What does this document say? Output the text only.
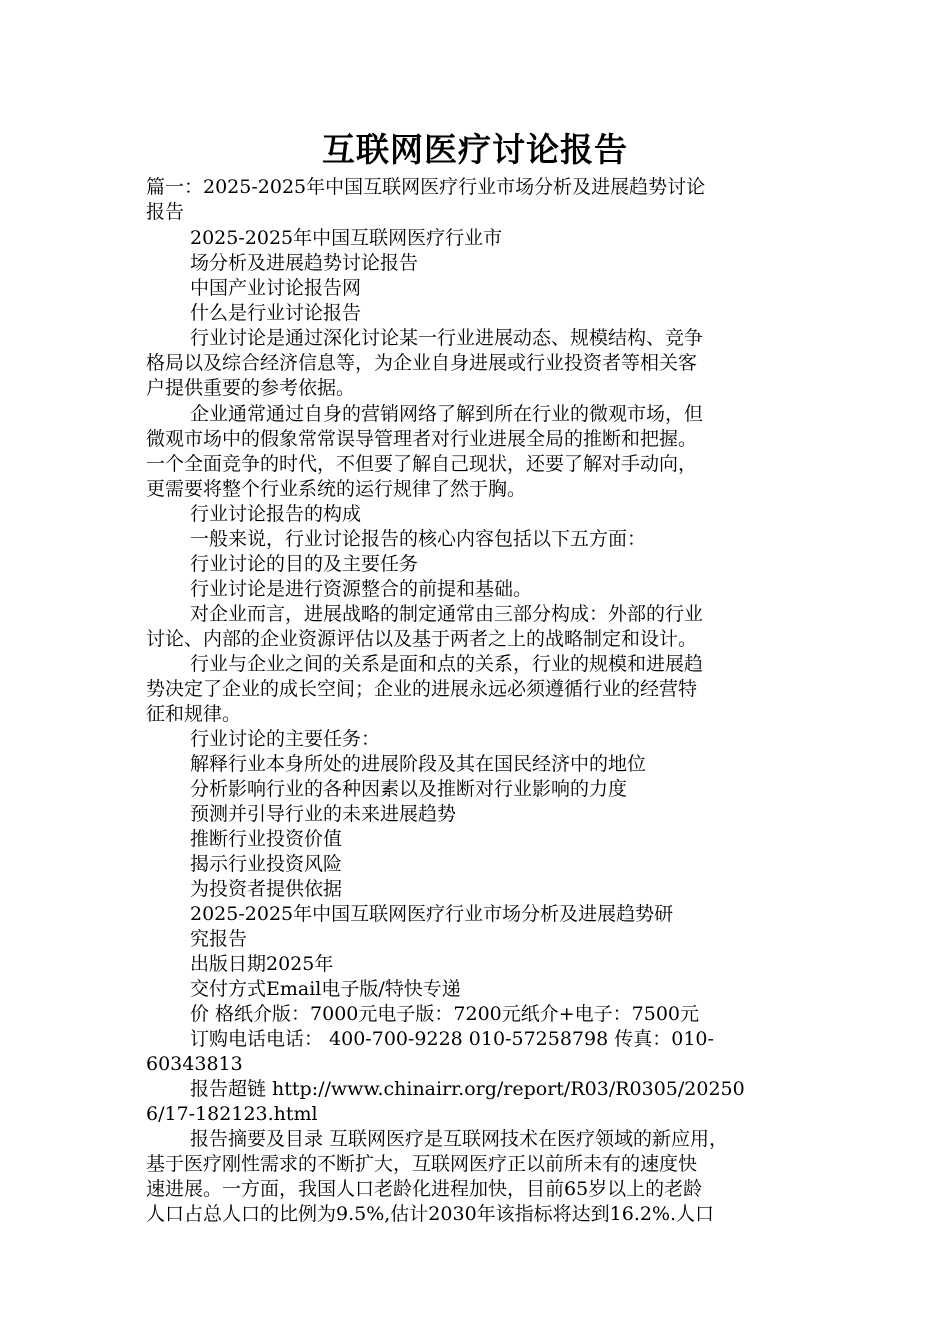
互联网医疗讨论报告
篇一：2025-2025年中国互联网医疗行业市场分析及进展趋势讨论
报告
2025-2025年中国互联网医疗行业市
场分析及进展趋势讨论报告
中国产业讨论报告网
什么是行业讨论报告
行业讨论是通过深化讨论某一行业进展动态、规模结构、竞争
格局以及综合经济信息等，为企业自身进展或行业投资者等相关客
户提供重要的参考依据。
企业通常通过自身的营销网络了解到所在行业的微观市场，但
微观市场中的假象常常误导管理者对行业进展全局的推断和把握。
一个全面竞争的时代，不但要了解自己现状，还要了解对手动向，
更需要将整个行业系统的运行规律了然于胸。
行业讨论报告的构成
一般来说，行业讨论报告的核心内容包括以下五方面：
行业讨论的目的及主要任务
行业讨论是进行资源整合的前提和基础。
对企业而言，进展战略的制定通常由三部分构成：外部的行业
讨论、内部的企业资源评估以及基于两者之上的战略制定和设计。
行业与企业之间的关系是面和点的关系，行业的规模和进展趋
势决定了企业的成长空间；企业的进展永远必须遵循行业的经营特
征和规律。
行业讨论的主要任务：
解释行业本身所处的进展阶段及其在国民经济中的地位
分析影响行业的各种因素以及推断对行业影响的力度
预测并引导行业的未来进展趋势
推断行业投资价值
揭示行业投资风险
为投资者提供依据
2025-2025年中国互联网医疗行业市场分析及进展趋势研
究报告
出版日期2025年
交付方式Email电子版/特快专递
价 格纸介版：7000元电子版：7200元纸介+电子：7500元
订购电话电话： 400-700-9228 010-57258798 传真：010-
60343813
报告超链 http://www.chinairr.org/report/R03/R0305/20250
6/17-182123.html
报告摘要及目录 互联网医疗是互联网技术在医疗领域的新应用，
基于医疗刚性需求的不断扩大，互联网医疗正以前所未有的速度快
速进展。一方面，我国人口老龄化进程加快，目前65岁以上的老龄
人口占总人口的比例为9.5%,估计2030年该指标将达到16.2%.人口
